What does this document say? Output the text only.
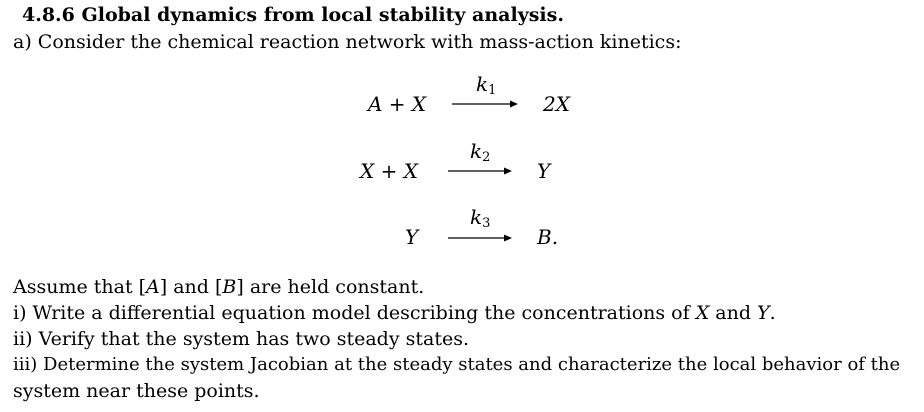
4.8.6 Global dynamics from local stability analysis.
a) Consider the chemical reaction network with mass-action kinetics:
A + X
$k_1$
2X
X + X
$k_2$
Y
Y
$k_3$
B.
Assume that [A] and [B] are held constant.
i) Write a differential equation model describing the concentrations of X and Y.
ii) Verify that the system has two steady states.
iii) Determine the system Jacobian at the steady states and characterize the local behavior of the
system near these points.
